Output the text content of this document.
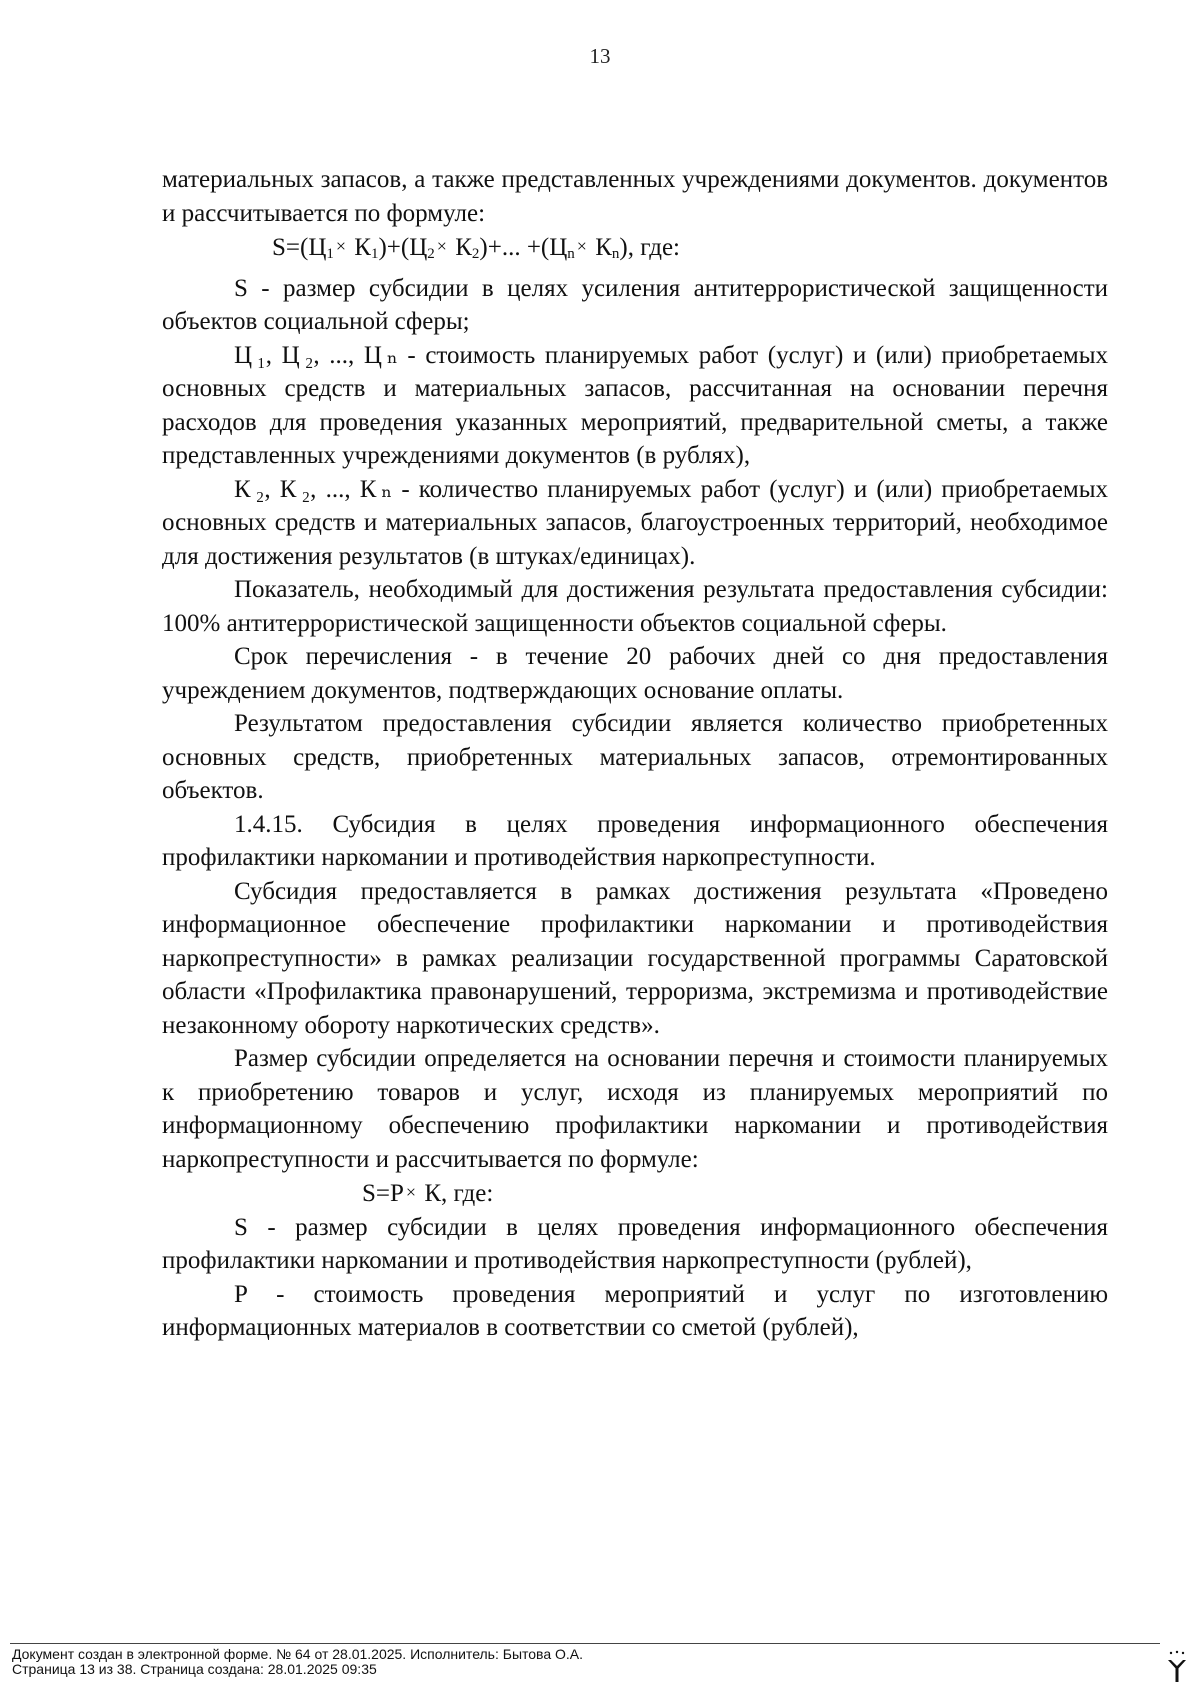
13

материальных запасов, а также представленных учреждениями документов. документов и рассчитывается по формуле:

$S=(Ц_1 \times К_1)+(Ц_2 \times К_2)+$... $+(Ц_n \times К_n)$, где:

S - размер субсидии в целях усиления антитеррористической защищенности объектов социальной сферы;

Ц ₁, Ц ₂, ..., Ц ₙ - стоимость планируемых работ (услуг) и (или) приобретаемых основных средств и материальных запасов, рассчитанная на основании перечня расходов для проведения указанных мероприятий, предварительной сметы, а также представленных учреждениями документов (в рублях),

К ₂, К ₂, ..., К ₙ - количество планируемых работ (услуг) и (или) приобретаемых основных средств и материальных запасов, благоустроенных территорий, необходимое для достижения результатов (в штуках/единицах).

Показатель, необходимый для достижения результата предоставления субсидии: 100% антитеррористической защищенности объектов социальной сферы.

Срок перечисления - в течение 20 рабочих дней со дня предоставления учреждением документов, подтверждающих основание оплаты.

Результатом предоставления субсидии является количество приобретенных основных средств, приобретенных материальных запасов, отремонтированных объектов.

1.4.15. Субсидия в целях проведения информационного обеспечения профилактики наркомании и противодействия наркопреступности.

Субсидия предоставляется в рамках достижения результата «Проведено информационное обеспечение профилактики наркомании и противодействия наркопреступности» в рамках реализации государственной программы Саратовской области «Профилактика правонарушений, терроризма, экстремизма и противодействие незаконному обороту наркотических средств».

Размер субсидии определяется на основании перечня и стоимости планируемых к приобретению товаров и услуг, исходя из планируемых мероприятий по информационному обеспечению профилактики наркомании и противодействия наркопреступности и рассчитывается по формуле:

S=P × К, где:

S - размер субсидии в целях проведения информационного обеспечения профилактики наркомании и противодействия наркопреступности (рублей),

P - стоимость проведения мероприятий и услуг по изготовлению информационных материалов в соответствии со сметой (рублей),

Документ создан в электронной форме. № 64 от 28.01.2025. Исполнитель: Бытова О.А.
Страница 13 из 38. Страница создана: 28.01.2025 09:35
